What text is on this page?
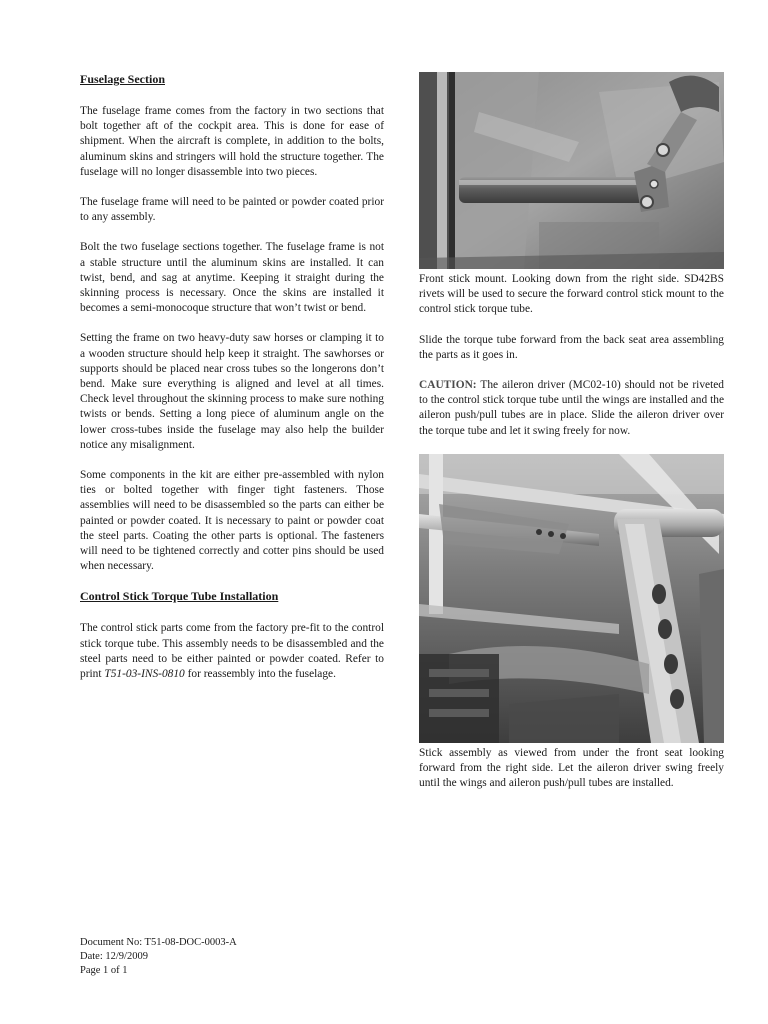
Fuselage Section

The fuselage frame comes from the factory in two sections that bolt together aft of the cockpit area. This is done for ease of shipment. When the aircraft is complete, in addition to the bolts, aluminum skins and stringers will hold the structure together. The fuselage will no longer disassemble into two pieces.

The fuselage frame will need to be painted or powder coated prior to any assembly.

Bolt the two fuselage sections together. The fuselage frame is not a stable structure until the aluminum skins are installed. It can twist, bend, and sag at anytime. Keeping it straight during the skinning process is necessary. Once the skins are installed it becomes a semi-monocoque structure that won’t twist or bend.

Setting the frame on two heavy-duty saw horses or clamping it to a wooden structure should help keep it straight. The sawhorses or supports should be placed near cross tubes so the longerons don’t bend. Make sure everything is aligned and level at all times. Check level throughout the skinning process to make sure nothing twists or bends. Setting a long piece of aluminum angle on the lower cross-tubes inside the fuselage may also help the builder notice any misalignment.

Some components in the kit are either pre-assembled with nylon ties or bolted together with finger tight fasteners. Those assemblies will need to be disassembled so the parts can either be painted or powder coated. It is necessary to paint or powder coat the steel parts. Coating the other parts is optional. The fasteners will need to be tightened correctly and cotter pins should be used when necessary.

Control Stick Torque Tube Installation

The control stick parts come from the factory pre-fit to the control stick torque tube. This assembly needs to be disassembled and the steel parts need to be either painted or powder coated. Refer to print T51-03-INS-0810 for reassembly into the fuselage.

Front stick mount. Looking down from the right side. SD42BS rivets will be used to secure the forward control stick mount to the control stick torque tube.

Slide the torque tube forward from the back seat area assembling the parts as it goes in.

CAUTION: The aileron driver (MC02-10) should not be riveted to the control stick torque tube until the wings are installed and the aileron push/pull tubes are in place. Slide the aileron driver over the torque tube and let it swing freely for now.

Stick assembly as viewed from under the front seat looking forward from the right side. Let the aileron driver swing freely until the wings and aileron push/pull tubes are installed.

Document No: T51-08-DOC-0003-A
Date: 12/9/2009
Page 1 of 1
